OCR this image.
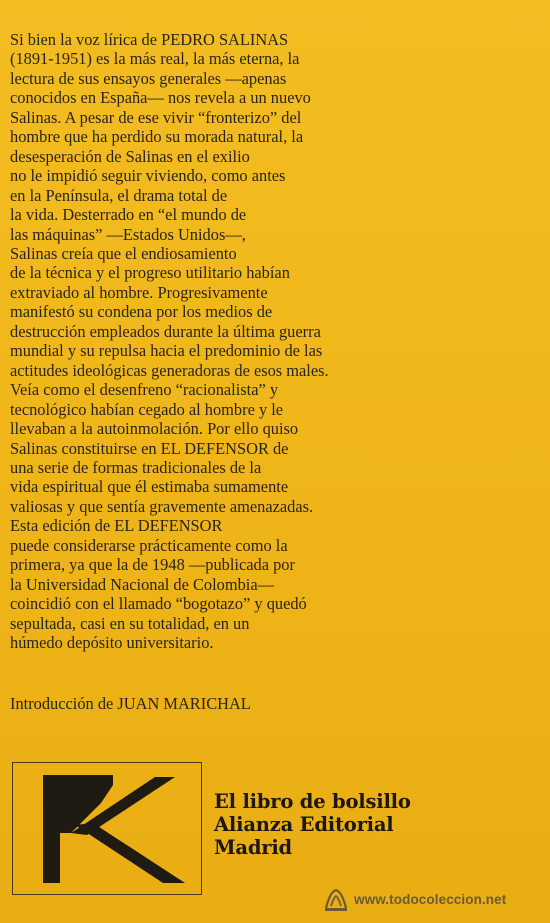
Si bien la voz lírica de PEDRO SALINAS
(1891-1951) es la más real, la más eterna, la
lectura de sus ensayos generales —apenas
conocidos en España— nos revela a un nuevo
Salinas. A pesar de ese vivir “fronterizo” del
hombre que ha perdido su morada natural, la
desesperación de Salinas en el exilio
no le impidió seguir viviendo, como antes
en la Península, el drama total de
la vida. Desterrado en “el mundo de
las máquinas” —Estados Unidos—,
Salinas creía que el endiosamiento
de la técnica y el progreso utilitario habían
extraviado al hombre. Progresivamente
manifestó su condena por los medios de
destrucción empleados durante la última guerra
mundial y su repulsa hacia el predominio de las
actitudes ideológicas generadoras de esos males.
Veía como el desenfreno “racionalista” y
tecnológico habían cegado al hombre y le
llevaban a la autoinmolación. Por ello quiso
Salinas constituirse en EL DEFENSOR de
una serie de formas tradicionales de la
vida espiritual que él estimaba sumamente
valiosas y que sentía gravemente amenazadas.
Esta edición de EL DEFENSOR
puede considerarse prácticamente como la
primera, ya que la de 1948 —publicada por
la Universidad Nacional de Colombia—
coincidió con el llamado “bogotazo” y quedó
sepultada, casi en su totalidad, en un
húmedo depósito universitario.
Introducción de JUAN MARICHAL
El libro de bolsillo
Alianza Editorial
Madrid
www.todocoleccion.net
